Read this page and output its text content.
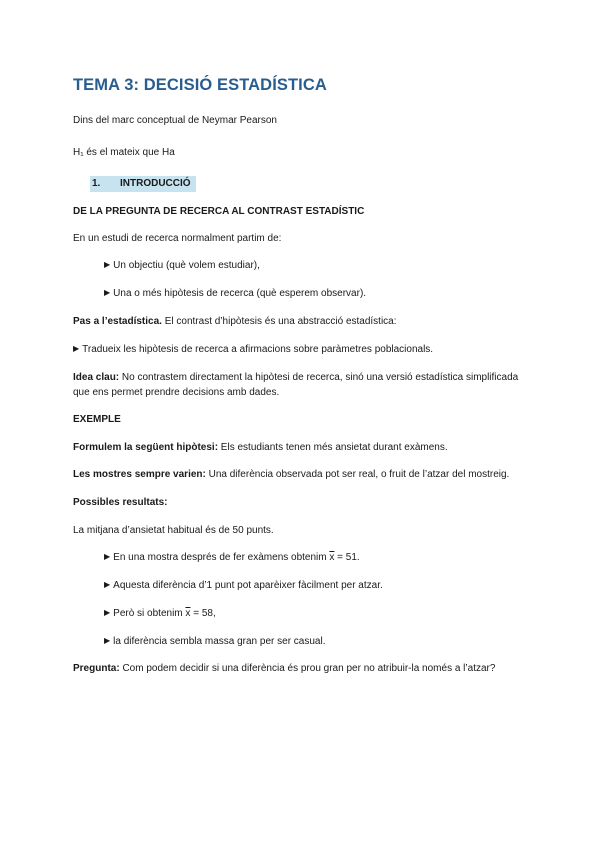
TEMA 3: DECISIÓ ESTADÍSTICA
Dins del marc conceptual de Neymar Pearson
H₁ és el mateix que Ha
1. INTRODUCCIÓ
DE LA PREGUNTA DE RECERCA AL CONTRAST ESTADÍSTIC
En un estudi de recerca normalment partim de:
▶ Un objectiu (què volem estudiar),
▶ Una o més hipòtesis de recerca (què esperem observar).
Pas a l’estadística. El contrast d’hipòtesis és una abstracció estadística:
▶ Tradueix les hipòtesis de recerca a afirmacions sobre paràmetres poblacionals.
Idea clau: No contrastem directament la hipòtesi de recerca, sinó una versió estadística simplificada
que ens permet prendre decisions amb dades.
EXEMPLE
Formulem la següent hipòtesi: Els estudiants tenen més ansietat durant exàmens.
Les mostres sempre varien: Una diferència observada pot ser real, o fruit de l’atzar del mostreig.
Possibles resultats:
La mitjana d’ansietat habitual és de 50 punts.
▶ En una mostra després de fer exàmens obtenim $\overline{x} = 51$.
▶ Aquesta diferència d’1 punt pot aparèixer fàcilment per atzar.
▶ Però si obtenim $\overline{x} = 58$,
▶ la diferència sembla massa gran per ser casual.
Pregunta: Com podem decidir si una diferència és prou gran per no atribuir-la només a l’atzar?
